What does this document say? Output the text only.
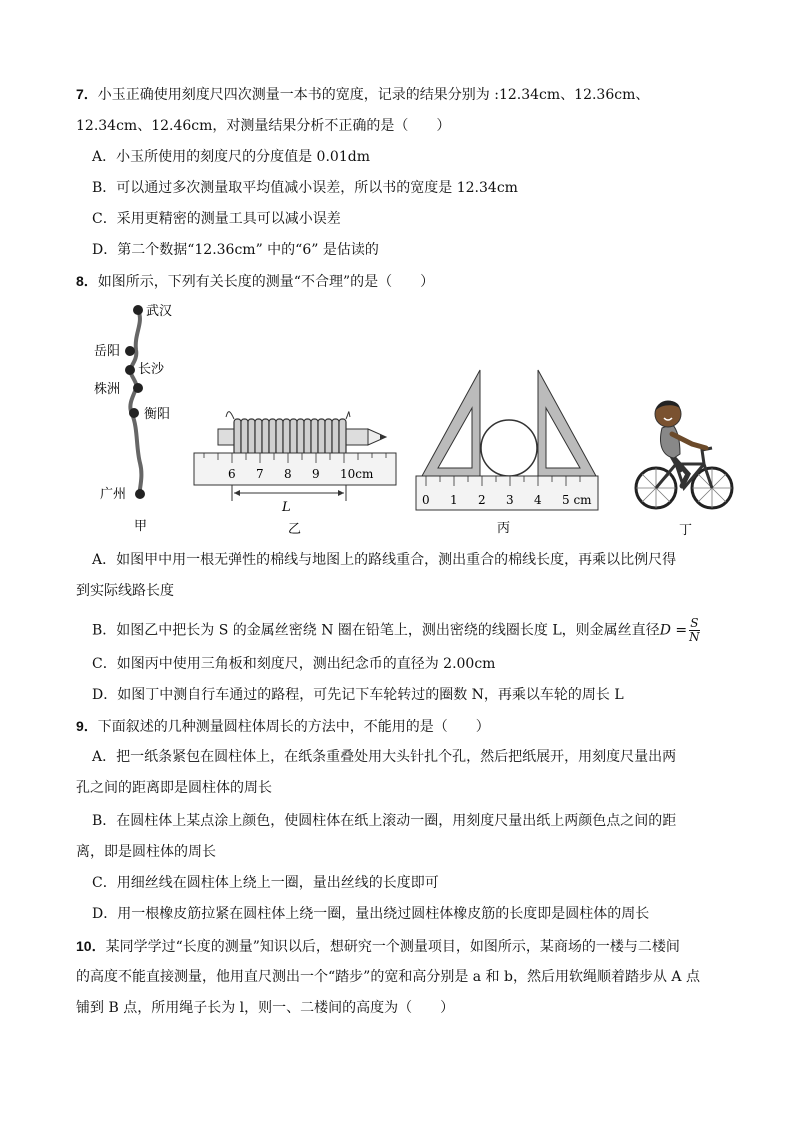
7．小玉正确使用刻度尺四次测量一本书的宽度，记录的结果分别为 :12.34cm、12.36cm、
12.34cm、12.46cm，对测量结果分析不正确的是（　　）
A．小玉所使用的刻度尺的分度值是 0.01dm
B．可以通过多次测量取平均值减小误差，所以书的宽度是 12.34cm
C．采用更精密的测量工具可以减小误差
D．第二个数据“12.36cm” 中的“6” 是估读的
8．如图所示，下列有关长度的测量“不合理”的是（　　）
武汉
岳阳
长沙
株洲
衡阳
广州
甲
6 7 8 9 10cm
L
乙
0 1 2 3 4 5 cm
丙	丁
A．如图甲中用一根无弹性的棉线与地图上的路线重合，测出重合的棉线长度，再乘以比例尺得
到实际线路长度
B．如图乙中把长为 S 的金属丝密绕 N 圈在铅笔上，测出密绕的线圈长度 L，则金属丝直径$D = \frac{S}{N}$
C．如图丙中使用三角板和刻度尺，测出纪念币的直径为 2.00cm
D．如图丁中测自行车通过的路程，可先记下车轮转过的圈数 N，再乘以车轮的周长 L
9．下面叙述的几种测量圆柱体周长的方法中，不能用的是（　　）
A．把一纸条紧包在圆柱体上，在纸条重叠处用大头针扎个孔，然后把纸展开，用刻度尺量出两
孔之间的距离即是圆柱体的周长
B．在圆柱体上某点涂上颜色，使圆柱体在纸上滚动一圈，用刻度尺量出纸上两颜色点之间的距
离，即是圆柱体的周长
C．用细丝线在圆柱体上绕上一圈，量出丝线的长度即可
D．用一根橡皮筋拉紧在圆柱体上绕一圈，量出绕过圆柱体橡皮筋的长度即是圆柱体的周长
10．某同学学过“长度的测量”知识以后，想研究一个测量项目，如图所示，某商场的一楼与二楼间
的高度不能直接测量，他用直尺测出一个“踏步”的宽和高分别是 a 和 b，然后用软绳顺着踏步从 A 点
铺到 B 点，所用绳子长为 l，则一、二楼间的高度为（　　）
